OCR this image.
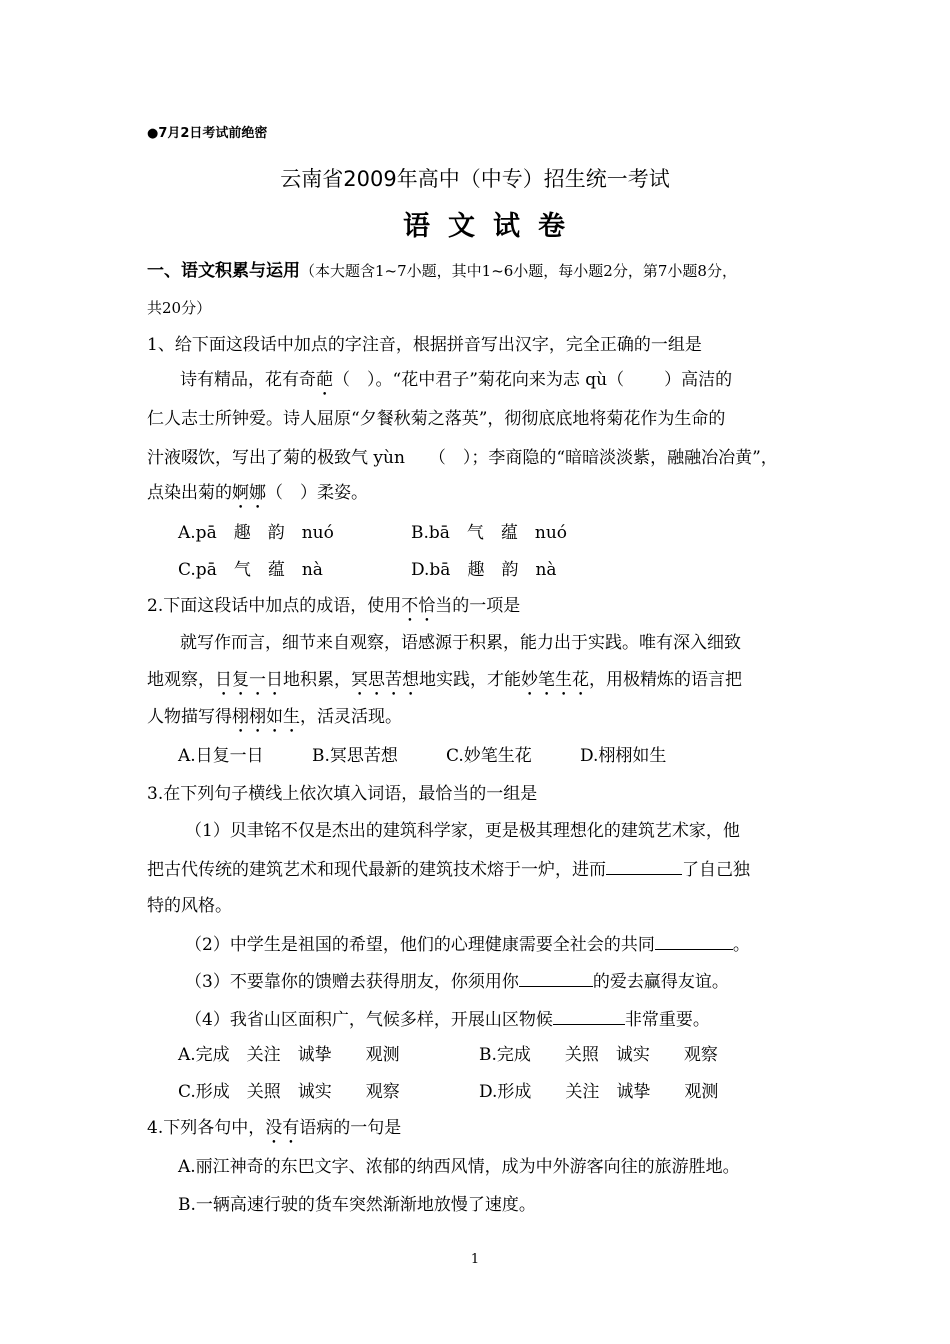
●7月2日考试前绝密
云南省2009年高中（中专）招生统一考试
语文试卷
一、语文积累与运用（本大题含1~7小题，其中1~6小题，每小题2分，第7小题8分，
共20分）
1、给下面这段话中加点的字注音，根据拼音写出汉字，完全正确的一组是
诗有精品，花有奇葩（　）。“花中君子”菊花向来为志 qù（ ）高洁的
仁人志士所钟爱。诗人屈原“夕餐秋菊之落英”，彻彻底底地将菊花作为生命的
汁液啜饮，写出了菊的极致气 yùn （　）；李商隐的“暗暗淡淡紫，融融冶冶黄”，
点染出菊的婀娜（　）柔姿。
A.pā　趣　韵　nuó	B.bā　气　蕴　nuó
C.pā　气　蕴　nà	D.bā　趣　韵　nà
2.下面这段话中加点的成语，使用不恰当的一项是
就写作而言，细节来自观察，语感源于积累，能力出于实践。唯有深入细致
地观察，日复一日地积累，冥思苦想地实践，才能妙笔生花，用极精炼的语言把
人物描写得栩栩如生，活灵活现。
A.日复一日	B.冥思苦想	C.妙笔生花	D.栩栩如生
3.在下列句子横线上依次填入词语，最恰当的一组是
（1）贝聿铭不仅是杰出的建筑科学家，更是极其理想化的建筑艺术家，他
把古代传统的建筑艺术和现代最新的建筑技术熔于一炉，进而	了自己独
特的风格。
（2）中学生是祖国的希望，他们的心理健康需要全社会的共同	。
（3）不要靠你的馈赠去获得朋友，你须用你	的爱去赢得友谊。
（4）我省山区面积广，气候多样，开展山区物候	非常重要。
A.完成　关注　诚挚　　观测	B.完成　　关照　诚实　　观察
C.形成　关照　诚实　　观察	D.形成　　关注　诚挚　　观测
4.下列各句中，没有语病的一句是
A.丽江神奇的东巴文字、浓郁的纳西风情，成为中外游客向往的旅游胜地。
B.一辆高速行驶的货车突然渐渐地放慢了速度。
1
